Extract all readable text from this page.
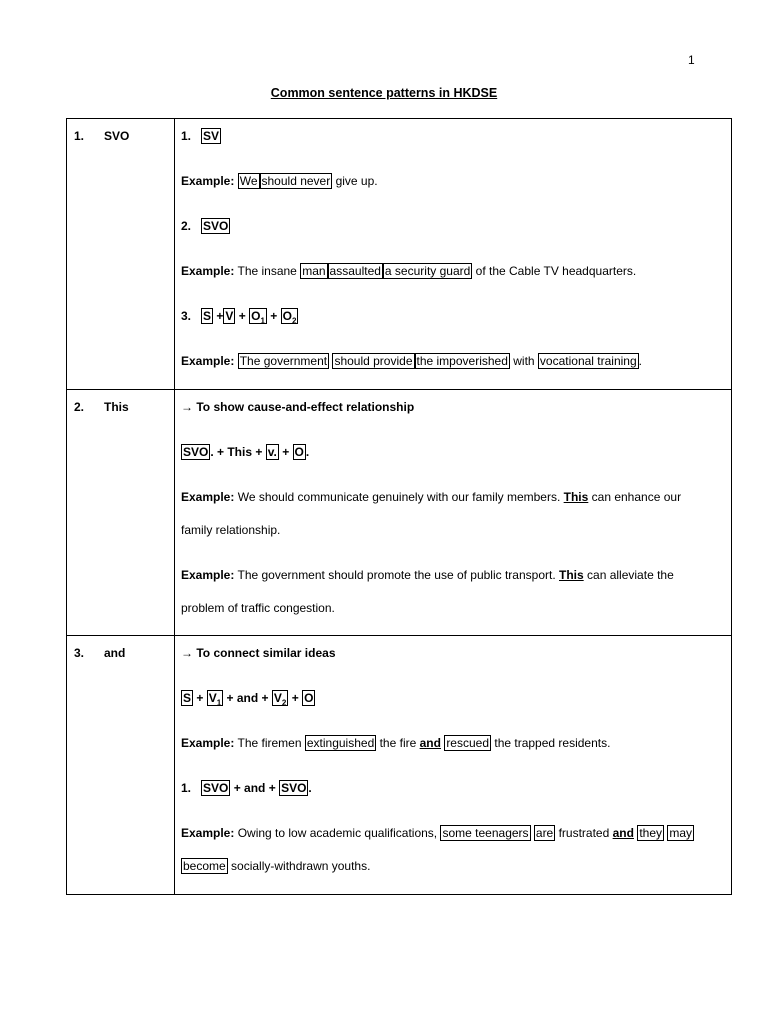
1
Common sentence patterns in HKDSE
1. SVO	1. SV
Example: We should never give up.
2. SVO
Example: The insane man assaulted a security guard of the Cable TV headquarters.
3. $S + V + O_1 + O_2$
Example: The government should provide the impoverished with vocational training .
2. This	→ To show cause-and-effect relationship
SVO . + This + v. + O .
Example: We should communicate genuinely with our family members. This can enhance our
family relationship.
Example: The government should promote the use of public transport. This can alleviate the
problem of traffic congestion.
3. and	→ To connect similar ideas
$S + V_1$ + and + $V_2 + O$
Example: The firemen extinguished the fire and rescued the trapped residents.
1. SVO + and + SVO .
Example: Owing to low academic qualifications, some teenagers are frustrated and they may
become socially-withdrawn youths.
